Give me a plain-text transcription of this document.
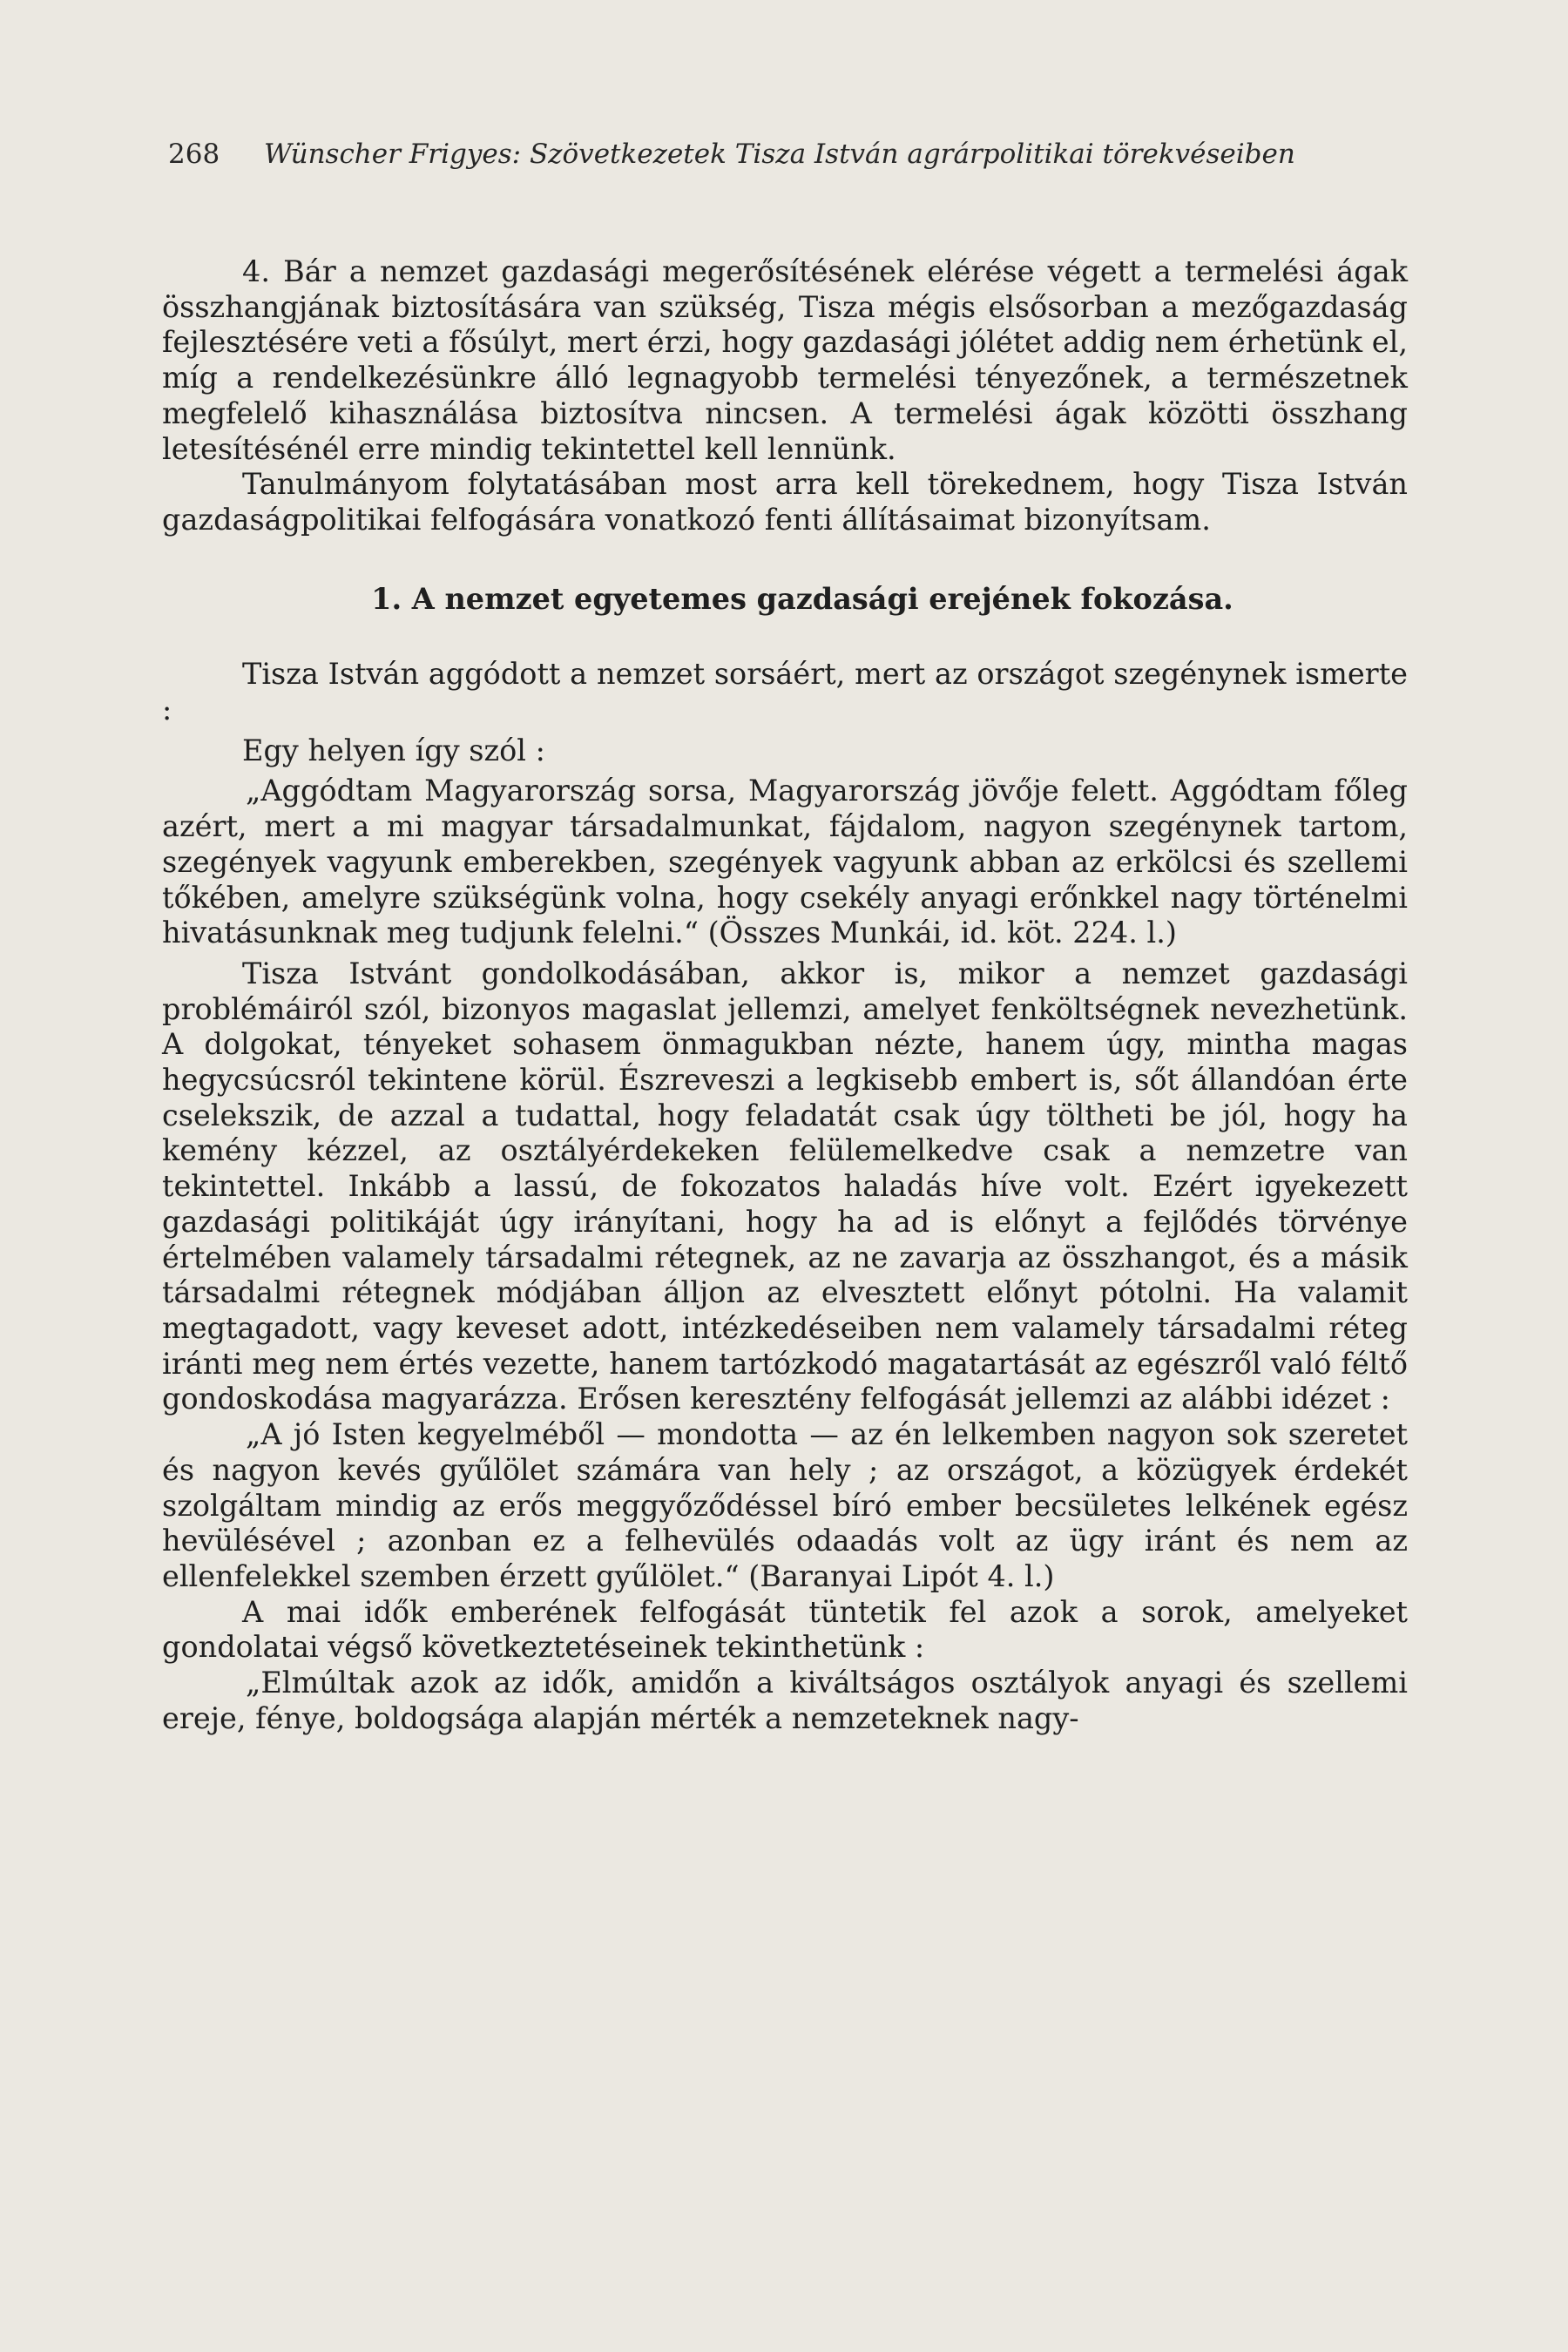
268 Wünscher Frigyes: Szövetkezetek Tisza István agrárpolitikai törekvéseiben

4. Bár a nemzet gazdasági megerősítésének elérése végett a termelési ágak összhangjának biztosítására van szükség, Tisza mégis elsősorban a mezőgazdaság fejlesztésére veti a fősúlyt, mert érzi, hogy gazdasági jólétet addig nem érhetünk el, míg a rendelkezésünkre álló legnagyobb termelési tényezőnek, a természetnek megfelelő kihasználása biztosítva nincsen. A termelési ágak közötti összhang letesítésénél erre mindig tekintettel kell lennünk.

Tanulmányom folytatásában most arra kell törekednem, hogy Tisza István gazdaságpolitikai felfogására vonatkozó fenti állításaimat bizonyítsam.

1. A nemzet egyetemes gazdasági erejének fokozása.

Tisza István aggódott a nemzet sorsáért, mert az országot szegénynek ismerte :

Egy helyen így szól :

„Aggódtam Magyarország sorsa, Magyarország jövője felett. Aggódtam főleg azért, mert a mi magyar társadalmunkat, fájdalom, nagyon szegénynek tartom, szegények vagyunk emberekben, szegények vagyunk abban az erkölcsi és szellemi tőkében, amelyre szükségünk volna, hogy csekély anyagi erőnkkel nagy történelmi hivatásunknak meg tudjunk felelni.“ (Összes Munkái, id. köt. 224. l.)

Tisza Istvánt gondolkodásában, akkor is, mikor a nemzet gazdasági problémáiról szól, bizonyos magaslat jellemzi, amelyet fenköltségnek nevezhetünk. A dolgokat, tényeket sohasem önmagukban nézte, hanem úgy, mintha magas hegycsúcsról tekintene körül. Észreveszi a legkisebb embert is, sőt állandóan érte cselekszik, de azzal a tudattal, hogy feladatát csak úgy töltheti be jól, hogy ha kemény kézzel, az osztályérdekeken felülemelkedve csak a nemzetre van tekintettel. Inkább a lassú, de fokozatos haladás híve volt. Ezért igyekezett gazdasági politikáját úgy irányítani, hogy ha ad is előnyt a fejlődés törvénye értelmében valamely társadalmi rétegnek, az ne zavarja az összhangot, és a másik társadalmi rétegnek módjában álljon az elvesztett előnyt pótolni. Ha valamit megtagadott, vagy keveset adott, intézkedéseiben nem valamely társadalmi réteg iránti meg nem értés vezette, hanem tartózkodó magatartását az egészről való féltő gondoskodása magyarázza. Erősen keresztény felfogását jellemzi az alábbi idézet :

„A jó Isten kegyelméből — mondotta — az én lelkemben nagyon sok szeretet és nagyon kevés gyűlölet számára van hely ; az országot, a közügyek érdekét szolgáltam mindig az erős meggyőződéssel bíró ember becsületes lelkének egész hevülésével ; azonban ez a felhevülés odaadás volt az ügy iránt és nem az ellenfelekkel szemben érzett gyűlölet.“ (Baranyai Lipót 4. l.)

A mai idők emberének felfogását tüntetik fel azok a sorok, amelyeket gondolatai végső következtetéseinek tekinthetünk :

„Elmúltak azok az idők, amidőn a kiváltságos osztályok anyagi és szellemi ereje, fénye, boldogsága alapján mérték a nemzeteknek nagy-
